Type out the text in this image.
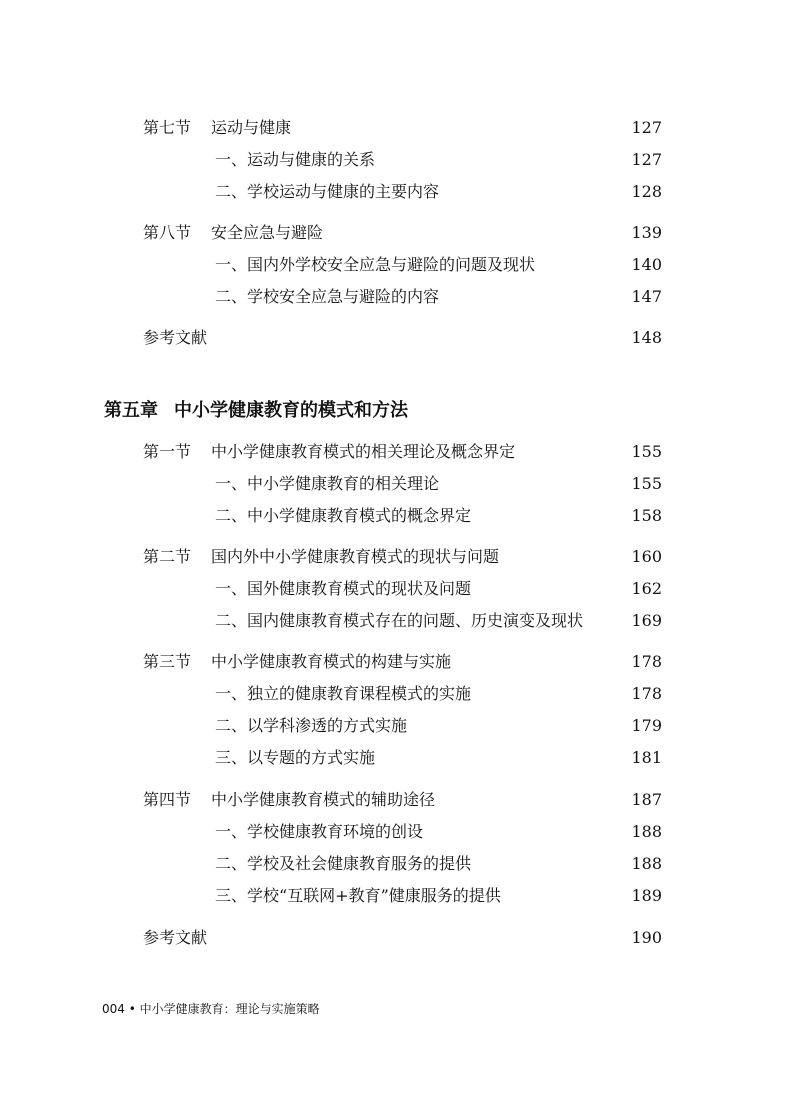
第七节 运动与健康	127
一、运动与健康的关系	127
二、学校运动与健康的主要内容	128
第八节 安全应急与避险	139
一、国内外学校安全应急与避险的问题及现状	140
二、学校安全应急与避险的内容	147
参考文献	148
第五章 中小学健康教育的模式和方法
第一节 中小学健康教育模式的相关理论及概念界定	155
一、中小学健康教育的相关理论	155
二、中小学健康教育模式的概念界定	158
第二节 国内外中小学健康教育模式的现状与问题	160
一、国外健康教育模式的现状及问题	162
二、国内健康教育模式存在的问题、历史演变及现状	169
第三节 中小学健康教育模式的构建与实施	178
一、独立的健康教育课程模式的实施	178
二、以学科渗透的方式实施	179
三、以专题的方式实施	181
第四节 中小学健康教育模式的辅助途径	187
一、学校健康教育环境的创设	188
二、学校及社会健康教育服务的提供	188
三、学校“互联网+教育”健康服务的提供	189
参考文献	190
004 • 中小学健康教育：理论与实施策略
